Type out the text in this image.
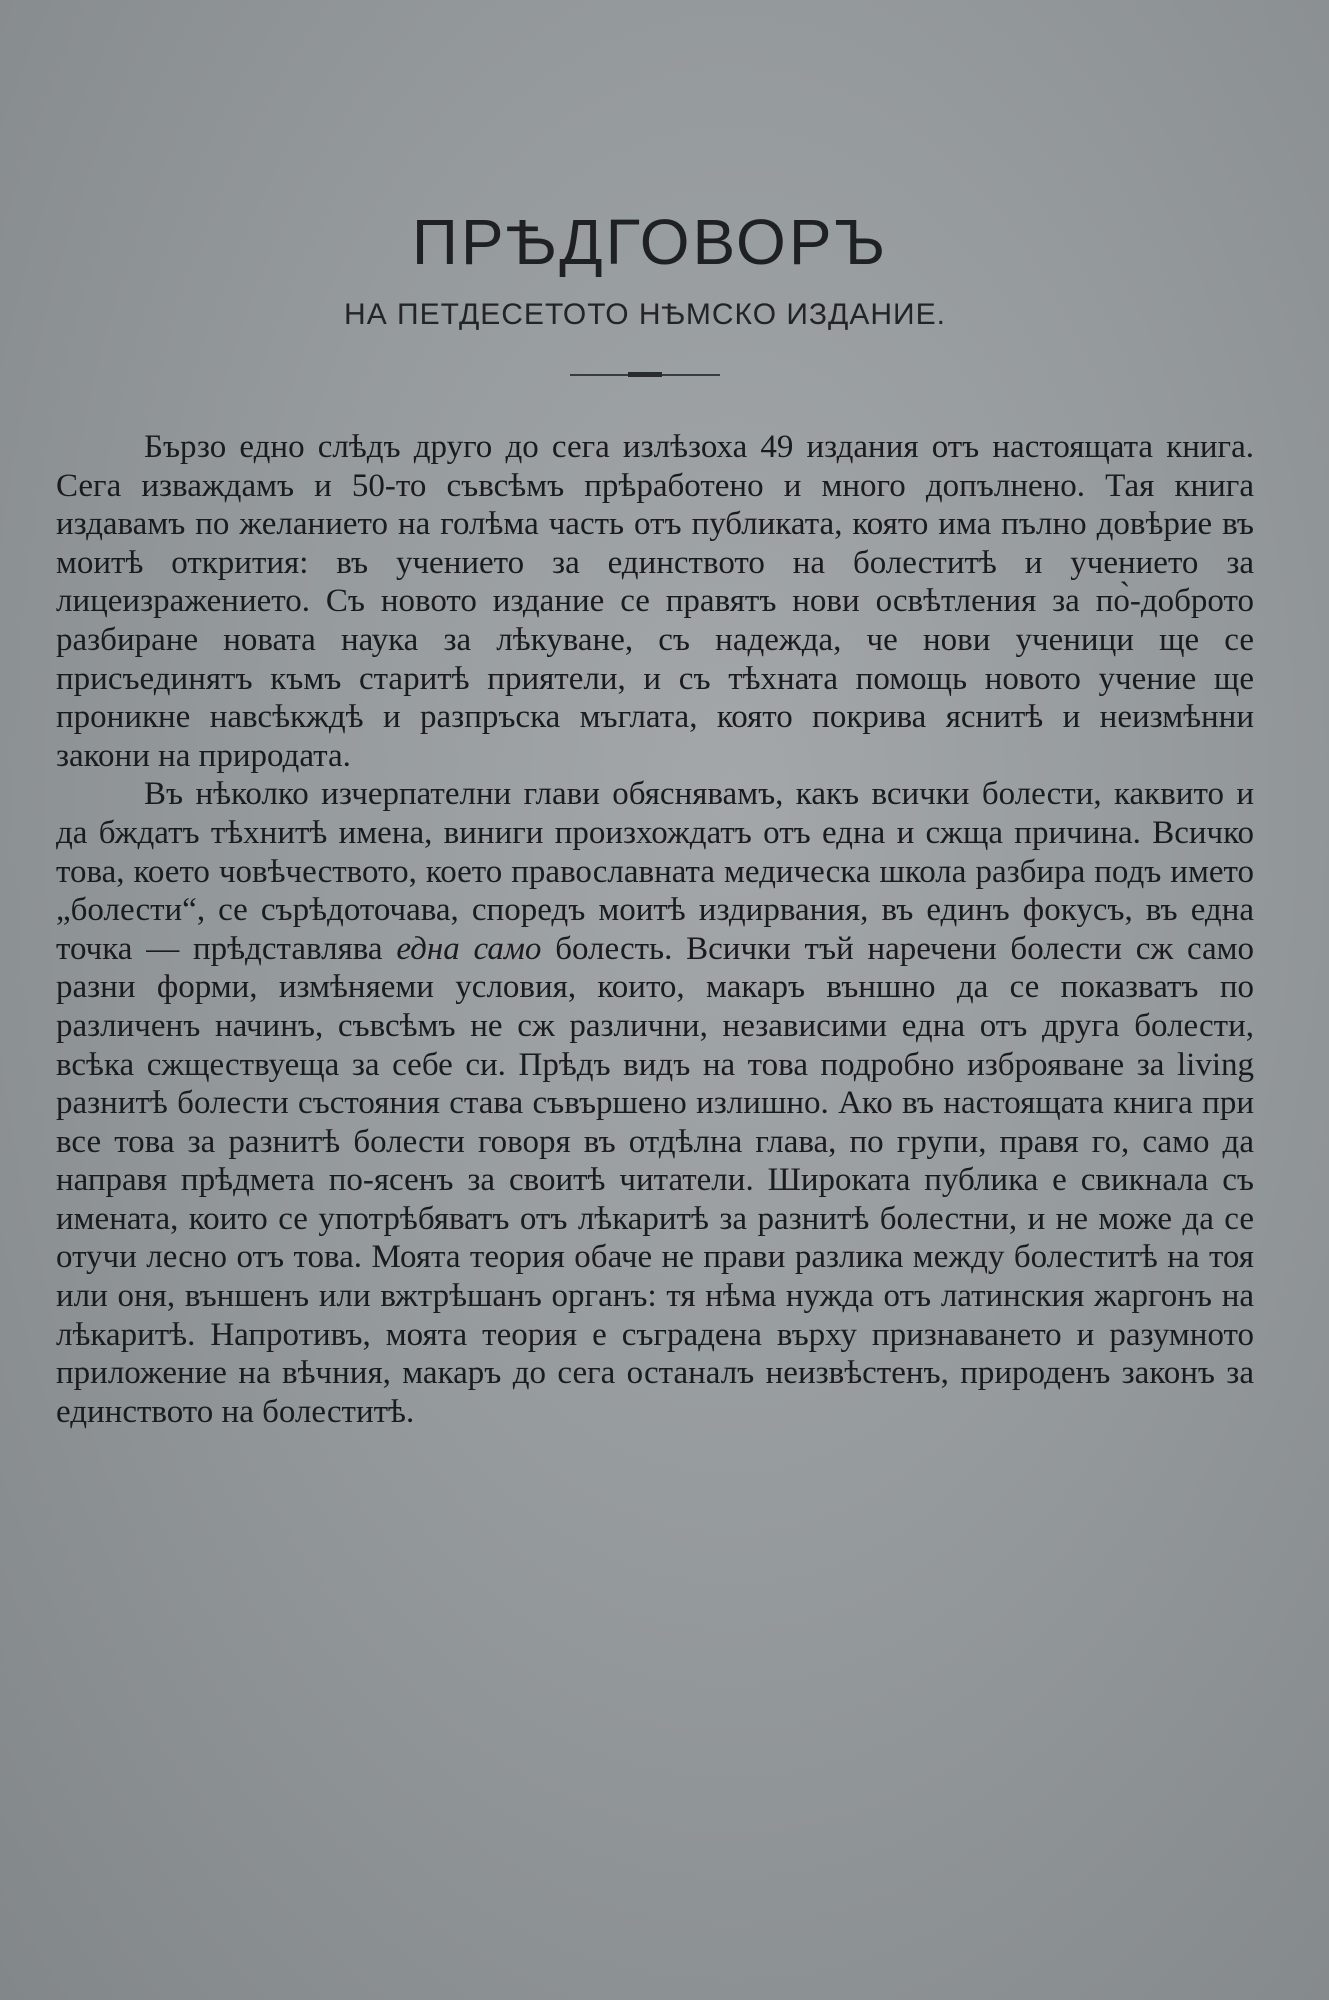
ПРѢДГОВОРЪ
НА ПЕТДЕСЕТОТО НѢМСКО ИЗДАНИЕ.

Бързо едно слѣдъ друго до сега излѣзоха 49 издания отъ настоящата книга. Сега изваждамъ и 50-то съвсѣмъ прѣработено и много допълнено. Тая книга издавамъ по желанието на голѣма часть отъ публиката, която има пълно довѣрие въ моитѣ открития: въ учението за единството на болеститѣ и учението за лицеизражението. Съ новото издание се правятъ нови освѣтления за по̀-доброто разбиране новата наука за лѣкуване, съ надежда, че нови ученици ще се присъединятъ къмъ старитѣ приятели, и съ тѣхната помощь новото учение ще проникне навсѣкждѣ и разпръска мъглата, която покрива яснитѣ и неизмѣнни закони на природата.

Въ нѣколко изчерпателни глави обяснявамъ, какъ всички болести, каквито и да бждатъ тѣхнитѣ имена, виниги произхождатъ отъ една и сжща причина. Всичко това, което човѣчеството, което православната медическа школа разбира подъ името „болести“, се сърѣдоточава, споредъ моитѣ издирвания, въ единъ фокусъ, въ една точка — прѣдставлява една само болесть. Всички тъй наречени болести сж само разни форми, измѣняеми условия, които, макаръ външно да се показватъ по различенъ начинъ, съвсѣмъ не сж различни, независими една отъ друга болести, всѣка сжществуеща за себе си. Прѣдъ видъ на това подробно изброяване за living разнитѣ болести състояния става съвършено излишно. Ако въ настоящата книга при все това за разнитѣ болести говоря въ отдѣлна глава, по групи, правя го, само да направя прѣдмета по-ясенъ за своитѣ читатели. Широката публика е свикнала съ имената, които се употрѣбяватъ отъ лѣкаритѣ за разнитѣ болестни, и не може да се отучи лесно отъ това. Моята теория обаче не прави разлика между болеститѣ на тоя или оня, външенъ или вжтрѣшанъ органъ: тя нѣма нужда отъ латинския жаргонъ на лѣкаритѣ. Напротивъ, моята теория е съградена върху признаването и разумното приложение на вѣчния, макаръ до сега останалъ неизвѣстенъ, природенъ законъ за единството на болеститѣ.
